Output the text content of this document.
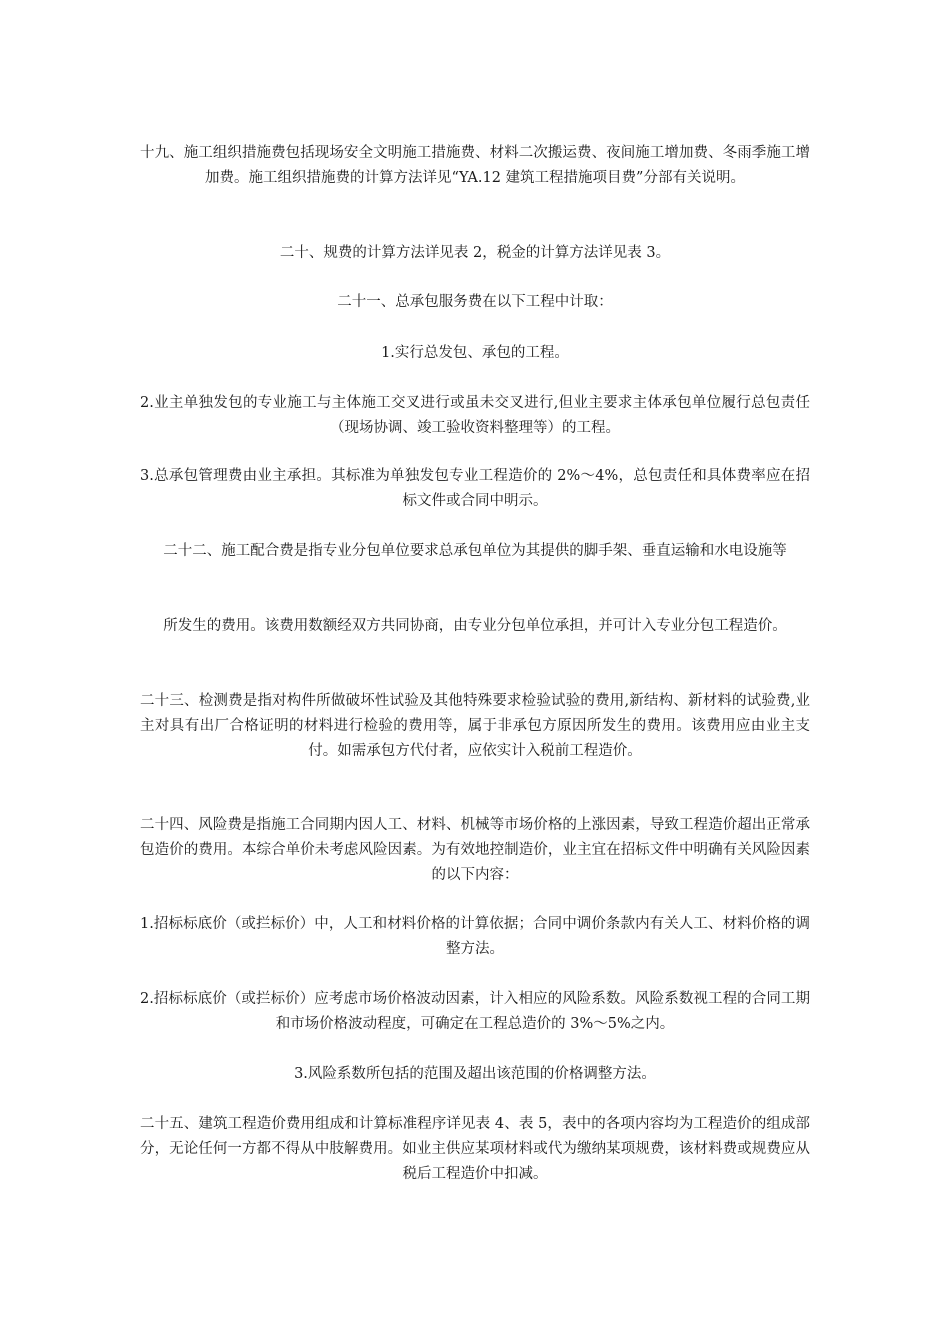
十九、施工组织措施费包括现场安全文明施工措施费、材料二次搬运费、夜间施工增加费、冬雨季施工增加费。施工组织措施费的计算方法详见“YA.12 建筑工程措施项目费”分部有关说明。

二十、规费的计算方法详见表 2，税金的计算方法详见表 3。

二十一、总承包服务费在以下工程中计取：

1.实行总发包、承包的工程。

2.业主单独发包的专业施工与主体施工交叉进行或虽未交叉进行,但业主要求主体承包单位履行总包责任（现场协调、竣工验收资料整理等）的工程。

3.总承包管理费由业主承担。其标准为单独发包专业工程造价的 2%～4%，总包责任和具体费率应在招标文件或合同中明示。

二十二、施工配合费是指专业分包单位要求总承包单位为其提供的脚手架、垂直运输和水电设施等

所发生的费用。该费用数额经双方共同协商，由专业分包单位承担，并可计入专业分包工程造价。

二十三、检测费是指对构件所做破坏性试验及其他特殊要求检验试验的费用,新结构、新材料的试验费,业主对具有出厂合格证明的材料进行检验的费用等，属于非承包方原因所发生的费用。该费用应由业主支付。如需承包方代付者，应依实计入税前工程造价。

二十四、风险费是指施工合同期内因人工、材料、机械等市场价格的上涨因素，导致工程造价超出正常承包造价的费用。本综合单价未考虑风险因素。为有效地控制造价，业主宜在招标文件中明确有关风险因素的以下内容：

1.招标标底价（或拦标价）中，人工和材料价格的计算依据；合同中调价条款内有关人工、材料价格的调整方法。

2.招标标底价（或拦标价）应考虑市场价格波动因素，计入相应的风险系数。风险系数视工程的合同工期和市场价格波动程度，可确定在工程总造价的 3%～5%之内。

3.风险系数所包括的范围及超出该范围的价格调整方法。

二十五、建筑工程造价费用组成和计算标准程序详见表 4、表 5，表中的各项内容均为工程造价的组成部分，无论任何一方都不得从中肢解费用。如业主供应某项材料或代为缴纳某项规费，该材料费或规费应从税后工程造价中扣减。
